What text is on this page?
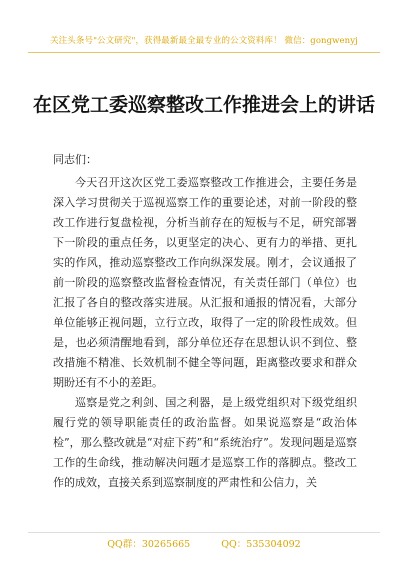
关注头条号"公文研究"，获得最新最全最专业的公文资料库！ 微信：gongwenyj
在区党工委巡察整改工作推进会上的讲话
同志们：

今天召开这次区党工委巡察整改工作推进会，主要任务是深入学习贯彻关于巡视巡察工作的重要论述，对前一阶段的整改工作进行复盘检视，分析当前存在的短板与不足，研究部署下一阶段的重点任务，以更坚定的决心、更有力的举措、更扎实的作风，推动巡察整改工作向纵深发展。刚才，会议通报了前一阶段的巡察整改监督检查情况，有关责任部门（单位）也汇报了各自的整改落实进展。从汇报和通报的情况看，大部分单位能够正视问题，立行立改，取得了一定的阶段性成效。但是，也必须清醒地看到，部分单位还存在思想认识不到位、整改措施不精准、长效机制不健全等问题，距离整改要求和群众期盼还有不小的差距。

巡察是党之利剑、国之利器，是上级党组织对下级党组织履行党的领导职能责任的政治监督。如果说巡察是“政治体检”，那么整改就是“对症下药”和“系统治疗”。发现问题是巡察工作的生命线，推动解决问题才是巡察工作的落脚点。整改工作的成效，直接关系到巡察制度的严肃性和公信力，关

QQ群：30265665	QQ：535304092
